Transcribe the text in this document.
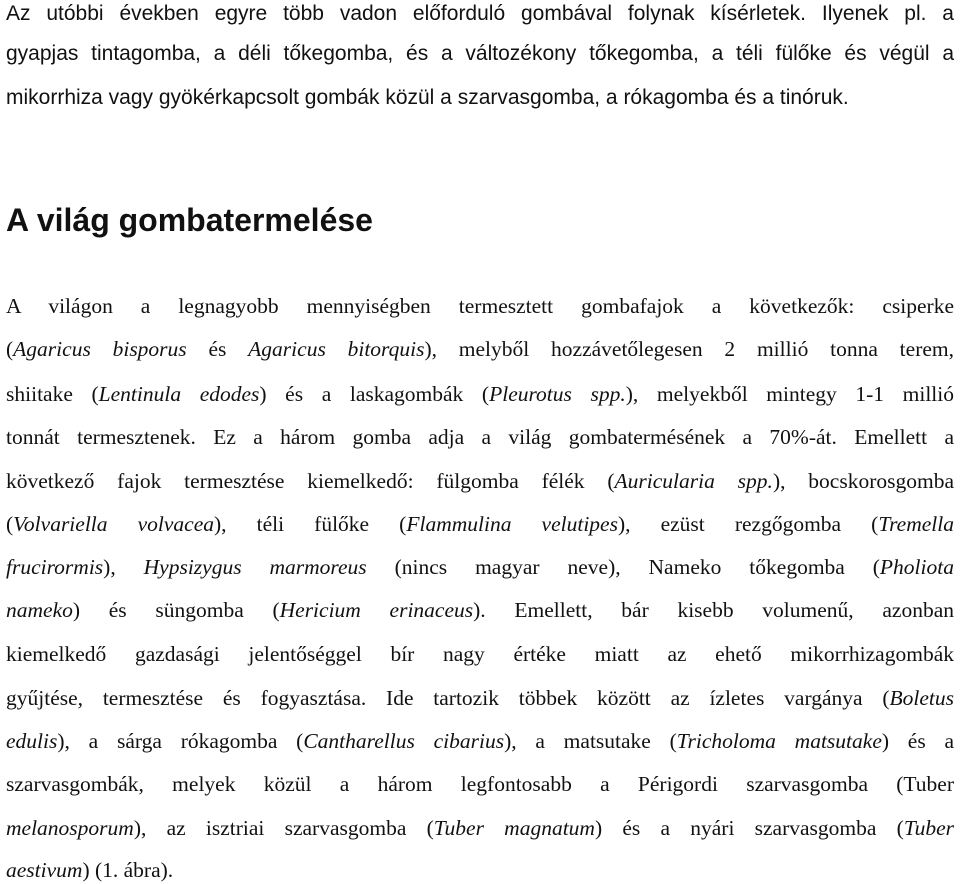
Az utóbbi években egyre több vadon előforduló gombával folynak kísérletek. Ilyenek pl. a
gyapjas tintagomba, a déli tőkegomba, és a változékony tőkegomba, a téli fülőke és végül a
mikorrhiza vagy gyökérkapcsolt gombák közül a szarvasgomba, a rókagomba és a tinóruk.
A világ gombatermelése
A világon a legnagyobb mennyiségben termesztett gombafajok a következők: csiperke
(Agaricus bisporus és Agaricus bitorquis), melyből hozzávetőlegesen 2 millió tonna terem,
shiitake (Lentinula edodes) és a laskagombák (Pleurotus spp.), melyekből mintegy 1-1 millió
tonnát termesztenek. Ez a három gomba adja a világ gombatermésének a 70%-át. Emellett a
következő fajok termesztése kiemelkedő: fülgomba félék (Auricularia spp.), bocskorosgomba
(Volvariella volvacea), téli fülőke (Flammulina velutipes), ezüst rezgőgomba (Tremella
frucirormis), Hypsizygus marmoreus (nincs magyar neve), Nameko tőkegomba (Pholiota
nameko) és süngomba (Hericium erinaceus). Emellett, bár kisebb volumenű, azonban
kiemelkedő gazdasági jelentőséggel bír nagy értéke miatt az ehető mikorrhizagombák
gyűjtése, termesztése és fogyasztása. Ide tartozik többek között az ízletes vargánya (Boletus
edulis), a sárga rókagomba (Cantharellus cibarius), a matsutake (Tricholoma matsutake) és a
szarvasgombák, melyek közül a három legfontosabb a Périgordi szarvasgomba (Tuber
melanosporum), az isztriai szarvasgomba (Tuber magnatum) és a nyári szarvasgomba (Tuber
aestivum) (1. ábra).
